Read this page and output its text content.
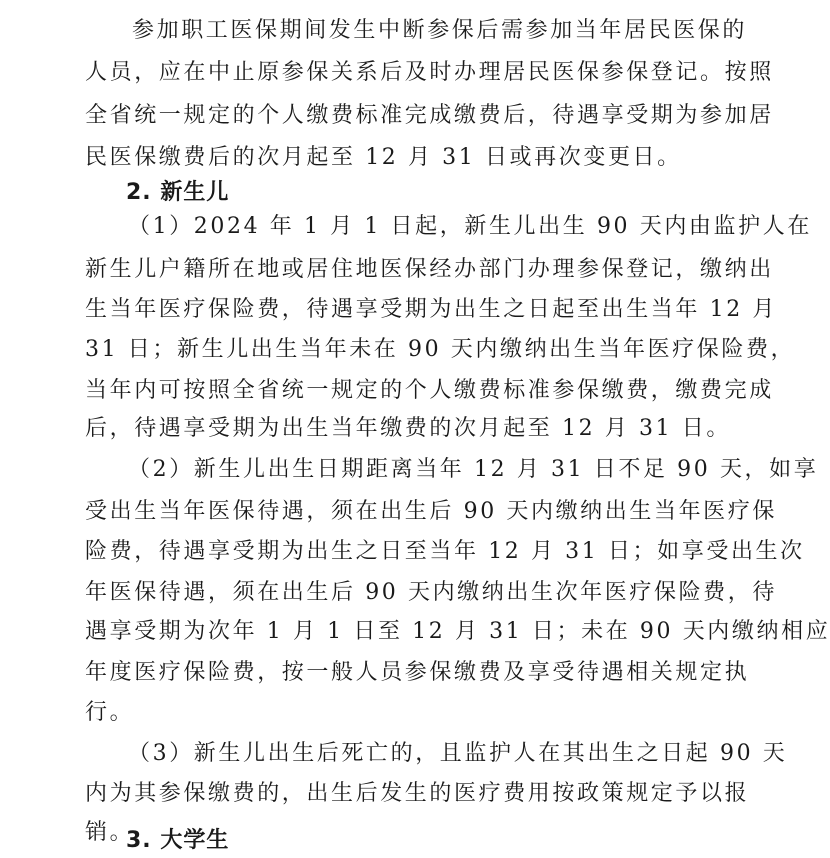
参加职工医保期间发生中断参保后需参加当年居民医保的
人员，应在中止原参保关系后及时办理居民医保参保登记。按照
全省统一规定的个人缴费标准完成缴费后，待遇享受期为参加居
民医保缴费后的次月起至 12 月 31 日或再次变更日。
2. 新生儿
（1）2024 年 1 月 1 日起，新生儿出生 90 天内由监护人在
新生儿户籍所在地或居住地医保经办部门办理参保登记，缴纳出
生当年医疗保险费，待遇享受期为出生之日起至出生当年 12 月
31 日；新生儿出生当年未在 90 天内缴纳出生当年医疗保险费，
当年内可按照全省统一规定的个人缴费标准参保缴费，缴费完成
后，待遇享受期为出生当年缴费的次月起至 12 月 31 日。
（2）新生儿出生日期距离当年 12 月 31 日不足 90 天，如享
受出生当年医保待遇，须在出生后 90 天内缴纳出生当年医疗保
险费，待遇享受期为出生之日至当年 12 月 31 日；如享受出生次
年医保待遇，须在出生后 90 天内缴纳出生次年医疗保险费，待
遇享受期为次年 1 月 1 日至 12 月 31 日；未在 90 天内缴纳相应
年度医疗保险费，按一般人员参保缴费及享受待遇相关规定执
行。
（3）新生儿出生后死亡的，且监护人在其出生之日起 90 天
内为其参保缴费的，出生后发生的医疗费用按政策规定予以报
销。
3. 大学生
